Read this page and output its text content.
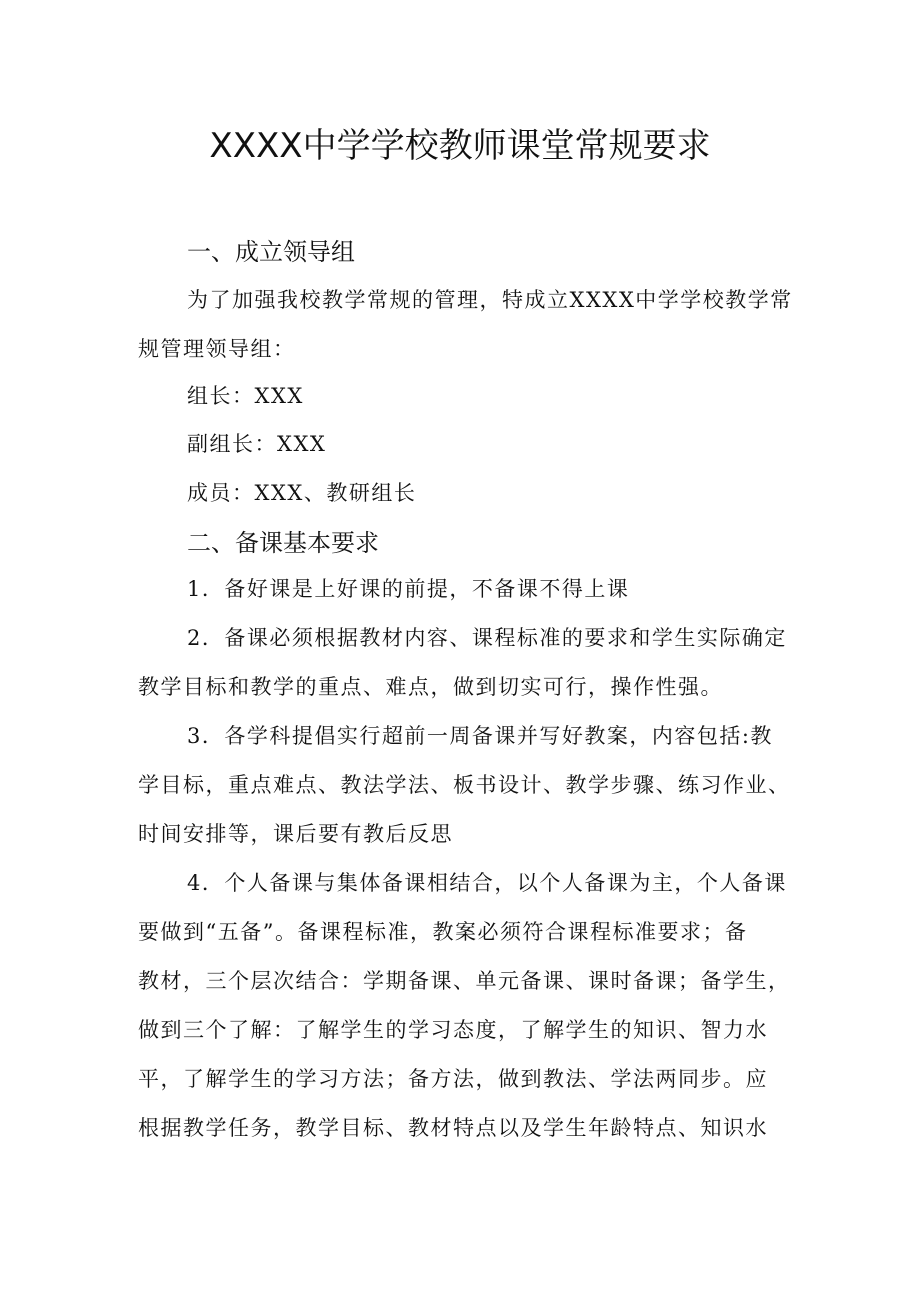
XXXX中学学校教师课堂常规要求
一、成立领导组
为了加强我校教学常规的管理，特成立XXXX中学学校教学常
规管理领导组：
组长：XXX
副组长：XXX
成员：XXX、教研组长
二、备课基本要求
1．备好课是上好课的前提，不备课不得上课
2．备课必须根据教材内容、课程标准的要求和学生实际确定
教学目标和教学的重点、难点，做到切实可行，操作性强。
3．各学科提倡实行超前一周备课并写好教案，内容包括:教
学目标，重点难点、教法学法、板书设计、教学步骤、练习作业、
时间安排等，课后要有教后反思
4．个人备课与集体备课相结合，以个人备课为主，个人备课
要做到“五备”。备课程标准，教案必须符合课程标准要求；备
教材，三个层次结合：学期备课、单元备课、课时备课；备学生，
做到三个了解：了解学生的学习态度，了解学生的知识、智力水
平，了解学生的学习方法；备方法，做到教法、学法两同步。应
根据教学任务，教学目标、教材特点以及学生年龄特点、知识水
